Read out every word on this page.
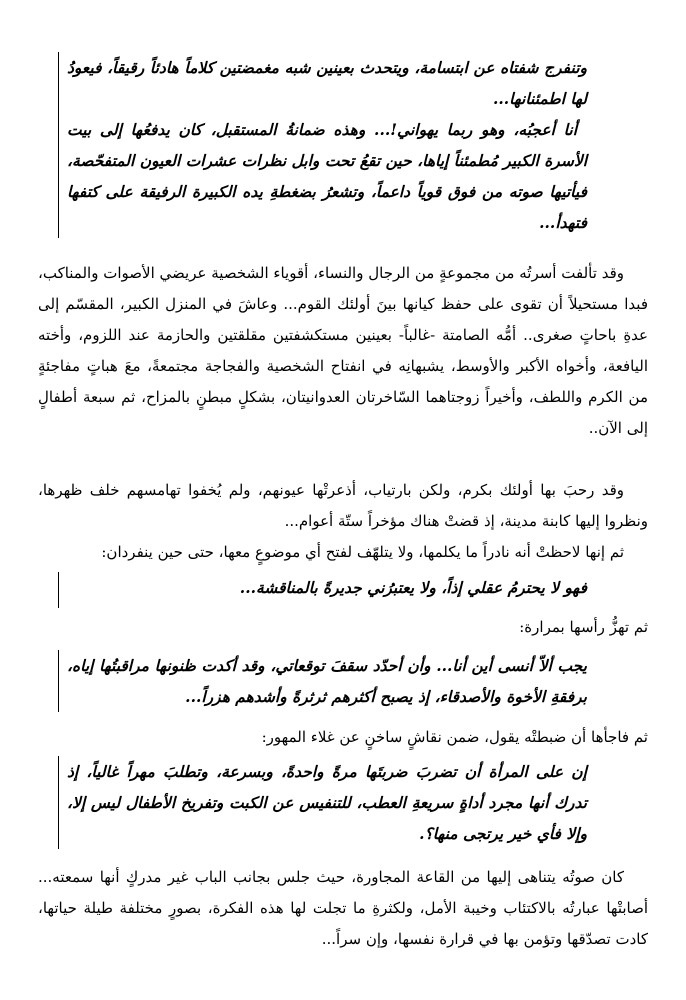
وتنفرج شفتاه عن ابتسامة، ويتحدث بعينين شبه مغمضتين كلاماً هادئاً رقيقاً، فيعودُ لها اطمئنانها...

أنا أعجبُه، وهو ربما يهواني!... وهذه ضمانةُ المستقبل، كان يدفعُها إلى بيت الأسرة الكبير مُطمئناً إياها، حين تقعُ تحت وابل نظرات عشرات العيون المتفحّصة، فيأتيها صوته من فوق قوياً داعماً، وتشعرُ بضغطةِ يده الكبيرة الرفيقة على كتفها فتهدأ...

وقد تألفت أسرتُه من مجموعةٍ من الرجال والنساء، أقوياء الشخصية عريضي الأصوات والمناكب، فبدا مستحيلاً أن تقوى على حفظ كيانها بينَ أولئك القوم... وعاشَ في المنزل الكبير، المقسّم إلى عدةِ باحاتٍ صغرى.. أمُّه الصامتة -غالباً- بعينين مستكشفتين مقلقتين والحازمة عند اللزوم، وأخته اليافعة، وأخواه الأكبر والأوسط، يشبهانِه في انفتاح الشخصية والفجاجة مجتمعةً، معَ هباتٍ مفاجئةٍ من الكرم واللطف، وأخيراً زوجتاهما السّاخرتان العدوانيتان، بشكلٍ مبطنٍ بالمزاح، ثم سبعة أطفالٍ إلى الآن..

وقد رحبَ بها أولئك بكرم، ولكن بارتياب، أذعرتْها عيونهم، ولم يُخفوا تهامسهم خلف ظهرها، ونظروا إليها كابنة مدينة، إذ قضتْ هناك مؤخراً ستّة أعوام...

ثم إنها لاحظتْ أنه نادراً ما يكلمها، ولا يتلهّف لفتح أي موضوعٍ معها، حتى حين ينفردان:

فهو لا يحترمُ عقلي إذاً، ولا يعتبرُني جديرةً بالمناقشة...

ثم تهزُّ رأسها بمرارة:

يجب ألاّ أنسى أين أنا... وأن أحدّد سقفَ توقعاتي، وقد أكدت ظنونها مراقبتُها إياه، برفقةِ الأخوة والأصدقاء، إذ يصبح أكثرهم ثرثرةً وأشدهم هزراً...

ثم فاجأها أن ضبطتْه يقول، ضمن نقاشٍ ساخنٍ عن غلاء المهور:

إن على المرأة أن تضربَ ضربتَها مرةً واحدةً، وبسرعة، وتطلبَ مهراً غالياً، إذ تدرك أنها مجرد أداةٍ سريعةِ العطب، للتنفيس عن الكبت وتفريخ الأطفال ليس إلا، وإلا فأي خير يرتجى منها؟.

كان صوتُه يتناهى إليها من القاعة المجاورة، حيث جلس بجانب الباب غير مدركٍ أنها سمعته... أصابتْها عبارتُه بالاكتئاب وخيبة الأمل، ولكثرةِ ما تجلت لها هذه الفكرة، بصورٍ مختلفة طيلة حياتها، كادت تصدّقها وتؤمن بها في قرارة نفسها، وإن سراً...
